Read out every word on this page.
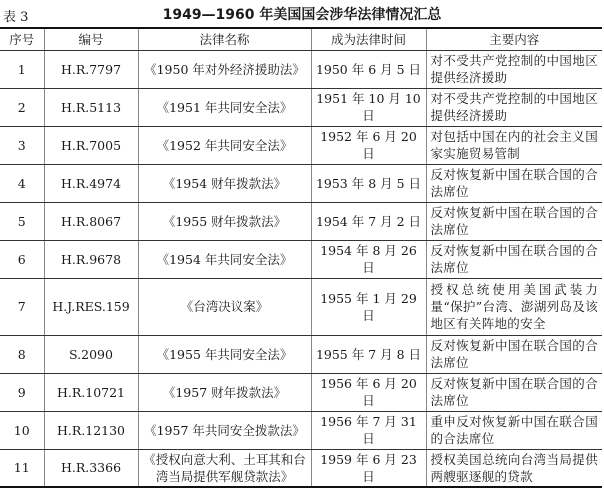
表 3	1949—1960 年美国国会涉华法律情况汇总
序号	编号	法律名称	成为法律时间	主要内容
1	H.R.7797	《1950 年对外经济援助法》	1950 年 6 月 5 日	对不受共产党控制的中国地区提供经济援助
2	H.R.5113	《1951 年共同安全法》	1951 年 10 月 10 日	对不受共产党控制的中国地区提供经济援助
3	H.R.7005	《1952 年共同安全法》	1952 年 6 月 20 日	对包括中国在内的社会主义国家实施贸易管制
4	H.R.4974	《1954 财年拨款法》	1953 年 8 月 5 日	反对恢复新中国在联合国的合法席位
5	H.R.8067	《1955 财年拨款法》	1954 年 7 月 2 日	反对恢复新中国在联合国的合法席位
6	H.R.9678	《1954 年共同安全法》	1954 年 8 月 26 日	反对恢复新中国在联合国的合法席位
7	H.J.RES.159	《台湾决议案》	1955 年 1 月 29 日	授权总统使用美国武装力量“保护”台湾、澎湖列岛及该地区有关阵地的安全
8	S.2090	《1955 年共同安全法》	1955 年 7 月 8 日	反对恢复新中国在联合国的合法席位
9	H.R.10721	《1957 财年拨款法》	1956 年 6 月 20 日	反对恢复新中国在联合国的合法席位
10	H.R.12130	《1957 年共同安全拨款法》	1956 年 7 月 31 日	重申反对恢复新中国在联合国的合法席位
11	H.R.3366	《授权向意大利、土耳其和台湾当局提供军舰贷款法》	1959 年 6 月 23 日	授权美国总统向台湾当局提供两艘驱逐舰的贷款
